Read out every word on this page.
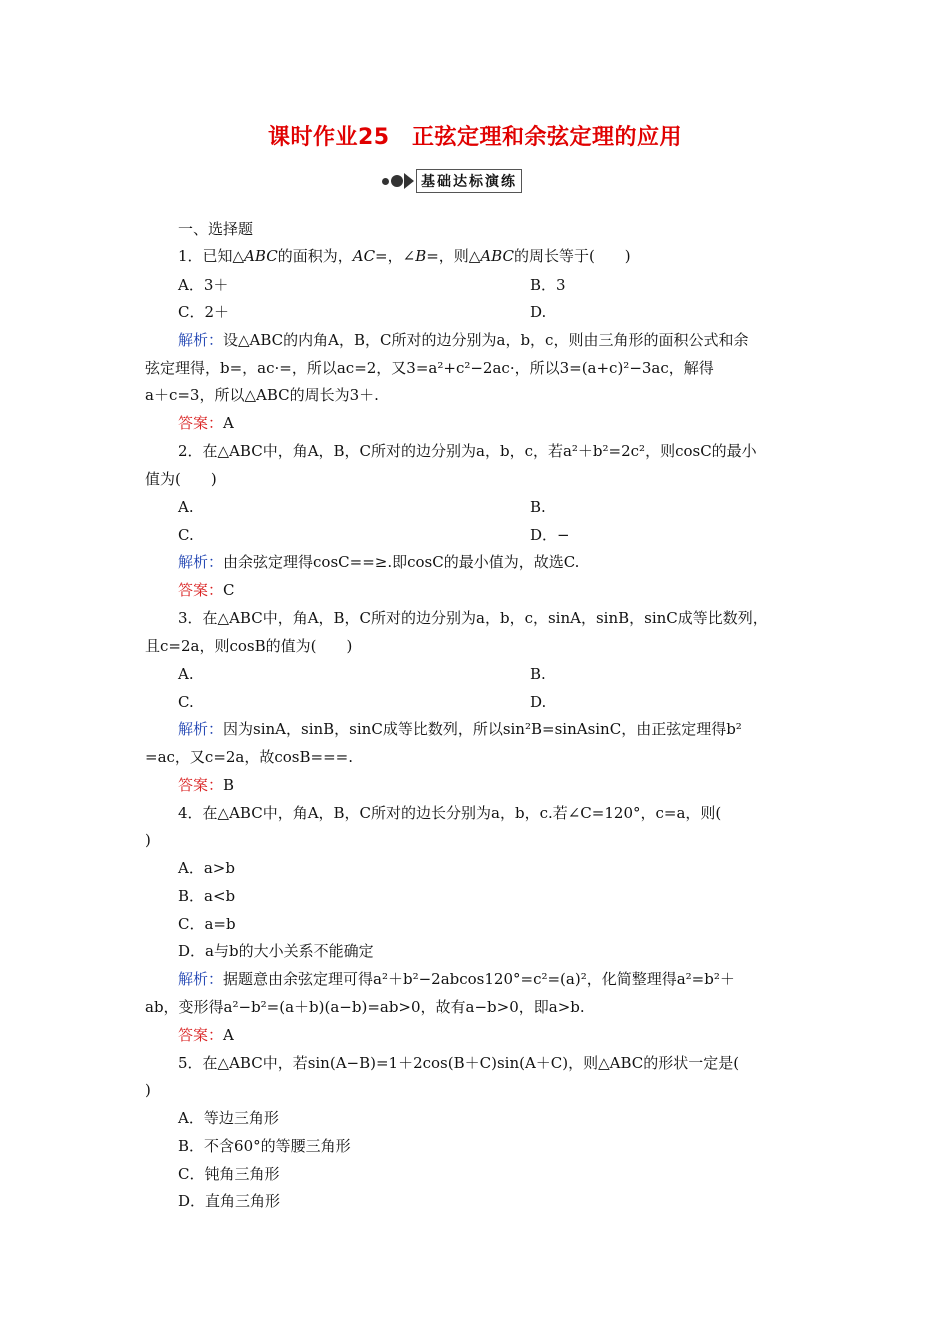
课时作业25　正弦定理和余弦定理的应用
基础达标演练
一、选择题
1．已知△ABC的面积为，AC=，∠B=，则△ABC的周长等于(　　)
A．3＋	B．3
C．2＋	D.
解析：设△ABC的内角A，B，C所对的边分别为a，b，c，则由三角形的面积公式和余
弦定理得，b=，ac·=，所以ac=2，又3=a²+c²−2ac·，所以3=(a+c)²−3ac，解得
a＋c=3，所以△ABC的周长为3＋.
答案：A
2．在△ABC中，角A，B，C所对的边分别为a，b，c，若a²＋b²=2c²，则cosC的最小
值为(　　)
A.	B.
C.	D．−
解析：由余弦定理得cosC==≥.即cosC的最小值为，故选C.
答案：C
3．在△ABC中，角A，B，C所对的边分别为a，b，c，sinA，sinB，sinC成等比数列，
且c=2a，则cosB的值为(　　)
A.	B.
C.	D.
解析：因为sinA，sinB，sinC成等比数列，所以sin²B=sinAsinC，由正弦定理得b²
=ac，又c=2a，故cosB===.
答案：B
4．在△ABC中，角A，B，C所对的边长分别为a，b，c.若∠C=120°，c=a，则(
)
A．a>b
B．a<b
C．a=b
D．a与b的大小关系不能确定
解析：据题意由余弦定理可得a²＋b²−2abcos120°=c²=(a)²，化简整理得a²=b²＋
ab，变形得a²−b²=(a＋b)(a−b)=ab>0，故有a−b>0，即a>b.
答案：A
5．在△ABC中，若sin(A−B)=1＋2cos(B＋C)sin(A＋C)，则△ABC的形状一定是(
)
A．等边三角形
B．不含60°的等腰三角形
C．钝角三角形
D．直角三角形
